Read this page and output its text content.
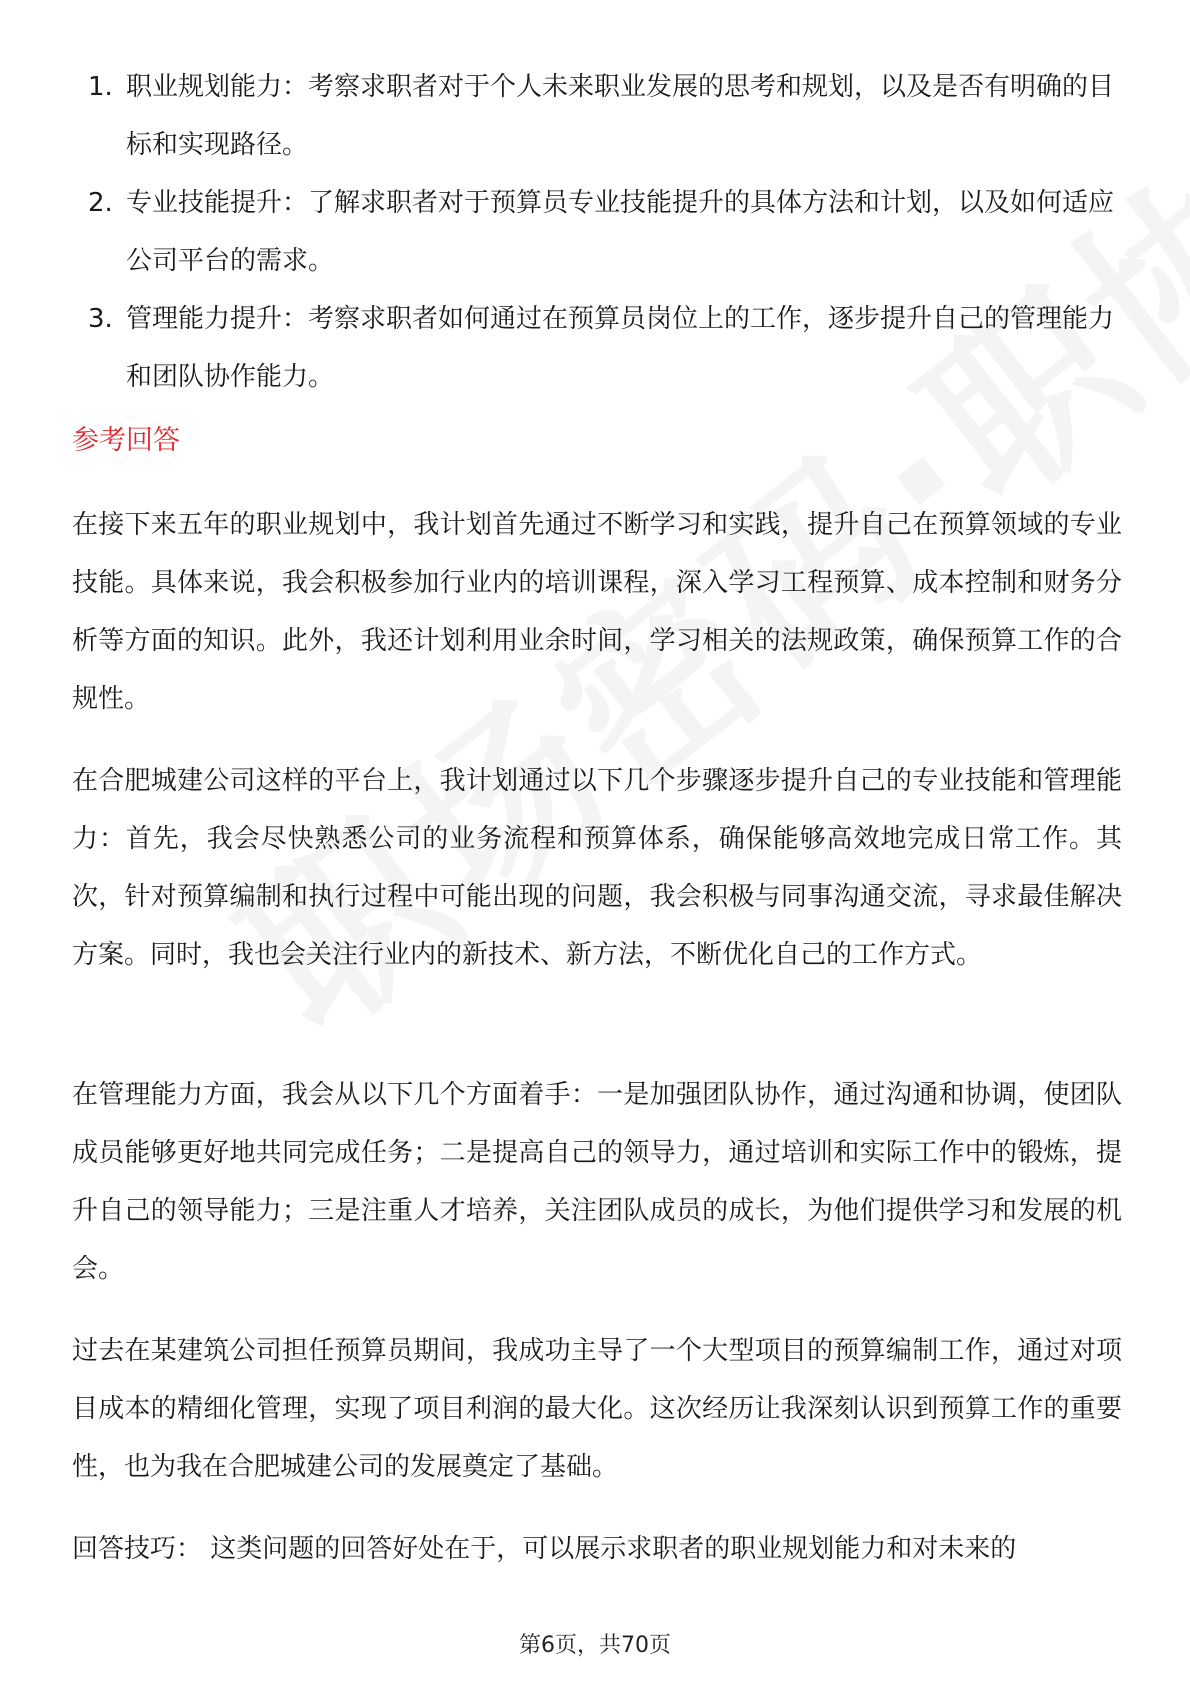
1. 职业规划能力：考察求职者对于个人未来职业发展的思考和规划，以及是否有明确的目标和实现路径。
2. 专业技能提升：了解求职者对于预算员专业技能提升的具体方法和计划，以及如何适应公司平台的需求。
3. 管理能力提升：考察求职者如何通过在预算员岗位上的工作，逐步提升自己的管理能力和团队协作能力。
参考回答

在接下来五年的职业规划中，我计划首先通过不断学习和实践，提升自己在预算领域的专业技能。具体来说，我会积极参加行业内的培训课程，深入学习工程预算、成本控制和财务分析等方面的知识。此外，我还计划利用业余时间，学习相关的法规政策，确保预算工作的合规性。

在合肥城建公司这样的平台上，我计划通过以下几个步骤逐步提升自己的专业技能和管理能力：首先，我会尽快熟悉公司的业务流程和预算体系，确保能够高效地完成日常工作。其次，针对预算编制和执行过程中可能出现的问题，我会积极与同事沟通交流，寻求最佳解决方案。同时，我也会关注行业内的新技术、新方法，不断优化自己的工作方式。

在管理能力方面，我会从以下几个方面着手：一是加强团队协作，通过沟通和协调，使团队成员能够更好地共同完成任务；二是提高自己的领导力，通过培训和实际工作中的锻炼，提升自己的领导能力；三是注重人才培养，关注团队成员的成长，为他们提供学习和发展的机会。

过去在某建筑公司担任预算员期间，我成功主导了一个大型项目的预算编制工作，通过对项目成本的精细化管理，实现了项目利润的最大化。这次经历让我深刻认识到预算工作的重要性，也为我在合肥城建公司的发展奠定了基础。

回答技巧： 这类问题的回答好处在于，可以展示求职者的职业规划能力和对未来的

第6页，共70页
